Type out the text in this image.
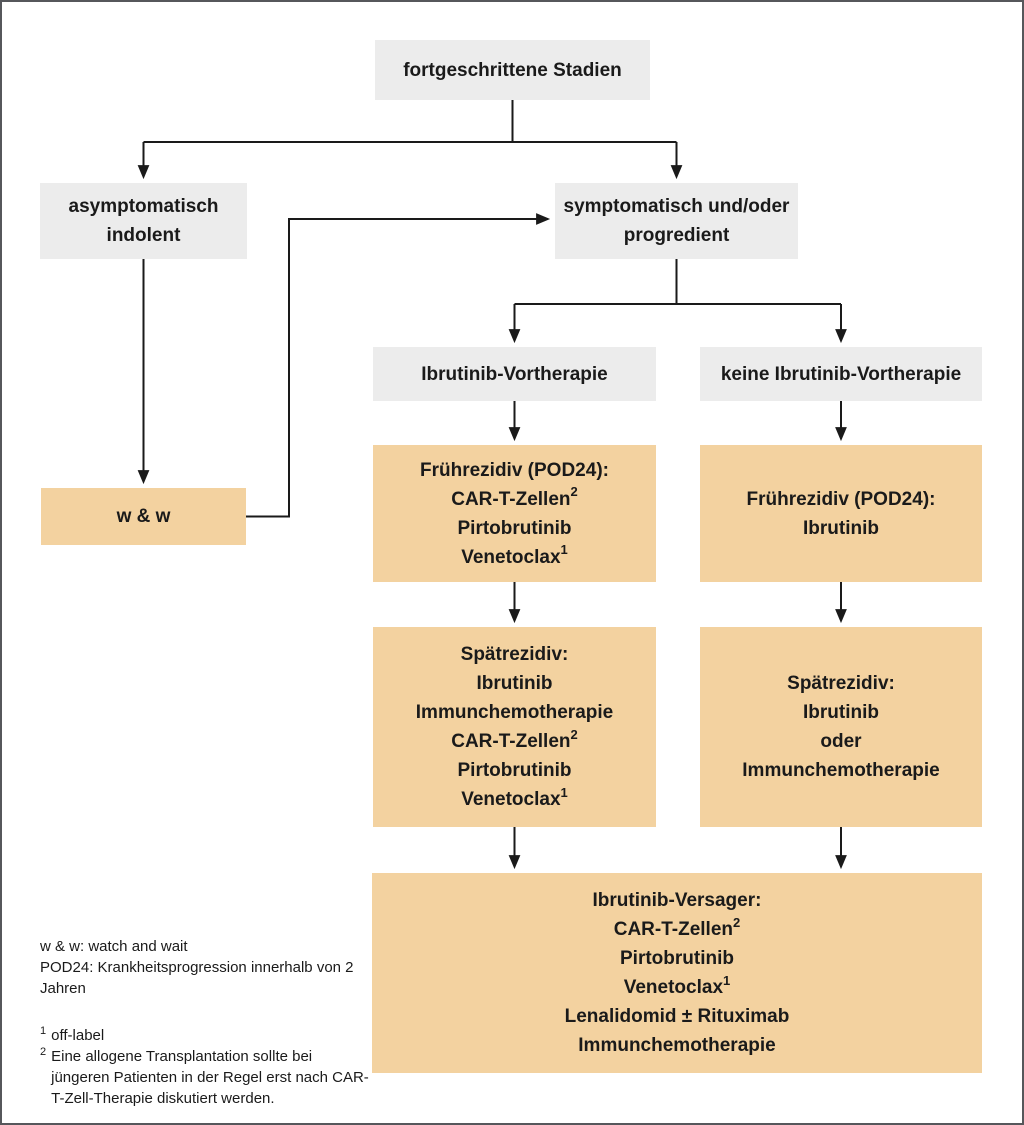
fortgeschrittene Stadien
asymptomatisch
indolent
symptomatisch und/oder
progredient
w & w
Ibrutinib-Vortherapie	keine Ibrutinib-Vortherapie
Frührezidiv (POD24):
CAR-T-Zellen$^2$
Pirtobrutinib
Venetoclax$^1$
Frührezidiv (POD24):
Ibrutinib
Spätrezidiv:
Ibrutinib
Immunchemotherapie
CAR-T-Zellen$^2$
Pirtobrutinib
Venetoclax$^1$
Spätrezidiv:
Ibrutinib
oder
Immunchemotherapie
Ibrutinib-Versager:
CAR-T-Zellen$^2$
Pirtobrutinib
Venetoclax$^1$
Lenalidomid ± Rituximab
Immunchemotherapie
w & w: watch and wait
POD24: Krankheitsprogression innerhalb von 2 Jahren
$^1$ off-label
$^2$ Eine allogene Transplantation sollte bei jüngeren Patienten in der Regel erst nach CAR-T-Zell-Therapie diskutiert werden.
